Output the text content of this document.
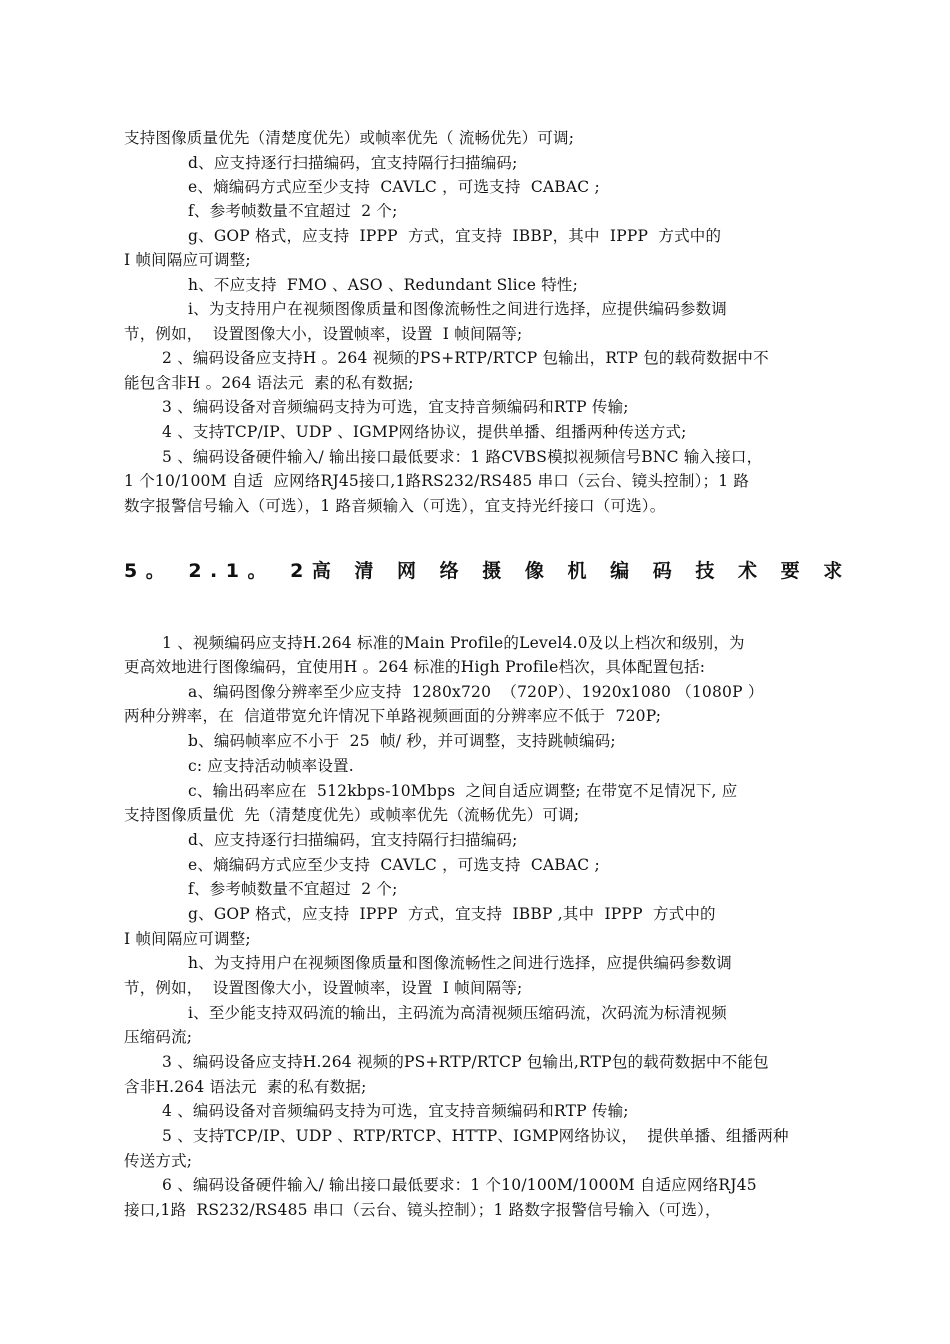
支持图像质量优先（清楚度优先）或帧率优先（ 流畅优先）可调;
d、应支持逐行扫描编码，宜支持隔行扫描编码;
e、熵编码方式应至少支持  CAVLC ，可选支持  CABAC ;
f、参考帧数量不宜超过  2 个;
g、GOP 格式，应支持  IPPP  方式，宜支持  IBBP，其中  IPPP  方式中的
I 帧间隔应可调整;
h、不应支持  FMO 、ASO 、Redundant Slice 特性;
i、为支持用户在视频图像质量和图像流畅性之间进行选择，应提供编码参数调
节，例如，  设置图像大小，设置帧率，设置  I 帧间隔等;
2 、编码设备应支持H 。264 视频的PS+RTP/RTCP 包输出，RTP 包的载荷数据中不
能包含非H 。264 语法元  素的私有数据;
3 、编码设备对音频编码支持为可选，宜支持音频编码和RTP 传输;
4 、支持TCP/IP、UDP 、IGMP网络协议，提供单播、组播两种传送方式;
5 、编码设备硬件输入/ 输出接口最低要求：1 路CVBS模拟视频信号BNC 输入接口，
1 个10/100M 自适  应网络RJ45接口,1路RS232/RS485 串口（云台、镜头控制）；1 路
数字报警信号输入（可选），1 路音频输入（可选），宜支持光纤接口（可选）。
5。 2.1。 2高 清 网 络 摄 像 机 编 码 技 术 要 求
1 、视频编码应支持H.264 标准的Main Profile的Level4.0及以上档次和级别，为
更高效地进行图像编码，宜使用H 。264 标准的High Profile档次，具体配置包括:
a、编码图像分辨率至少应支持  1280x720  （720P）、1920x1080 （1080P ）
两种分辨率，在  信道带宽允许情况下单路视频画面的分辨率应不低于  720P;
b、编码帧率应不小于  25  帧/ 秒，并可调整，支持跳帧编码;
c: 应支持活动帧率设置.
c、输出码率应在  512kbps-10Mbps  之间自适应调整; 在带宽不足情况下, 应
支持图像质量优  先（清楚度优先）或帧率优先（流畅优先）可调;
d、应支持逐行扫描编码，宜支持隔行扫描编码;
e、熵编码方式应至少支持  CAVLC ，可选支持  CABAC ;
f、参考帧数量不宜超过  2 个;
g、GOP 格式，应支持  IPPP  方式，宜支持  IBBP ,其中  IPPP  方式中的
I 帧间隔应可调整;
h、为支持用户在视频图像质量和图像流畅性之间进行选择，应提供编码参数调
节，例如，  设置图像大小，设置帧率，设置  I 帧间隔等;
i、至少能支持双码流的输出，主码流为高清视频压缩码流，次码流为标清视频
压缩码流;
3 、编码设备应支持H.264 视频的PS+RTP/RTCP 包输出,RTP包的载荷数据中不能包
含非H.264 语法元  素的私有数据;
4 、编码设备对音频编码支持为可选，宜支持音频编码和RTP 传输;
5 、支持TCP/IP、UDP 、RTP/RTCP、HTTP、IGMP网络协议，  提供单播、组播两种
传送方式;
6 、编码设备硬件输入/ 输出接口最低要求：1 个10/100M/1000M 自适应网络RJ45
接口,1路  RS232/RS485 串口（云台、镜头控制）；1 路数字报警信号输入（可选），
